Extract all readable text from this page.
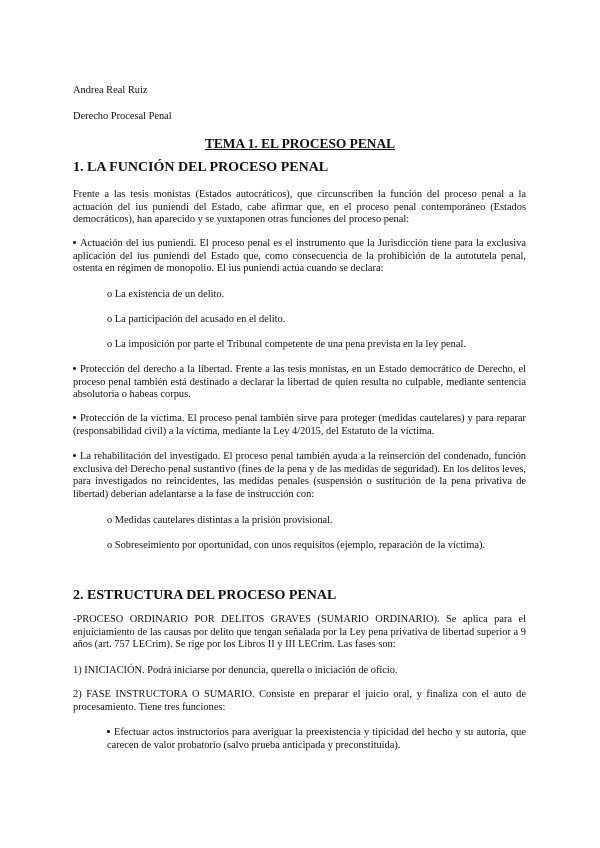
Andrea Real Ruiz
Derecho Procesal Penal
TEMA 1. EL PROCESO PENAL
1. LA FUNCIÓN DEL PROCESO PENAL
Frente a las tesis monistas (Estados autocráticos), que circunscriben la función del proceso penal a la actuación del ius puniendi del Estado, cabe afirmar que, en el proceso penal contemporáneo (Estados democráticos), han aparecido y se yuxtaponen otras funciones del proceso penal:
Actuación del ius puniendi. El proceso penal es el instrumento que la Jurisdicción tiene para la exclusiva aplicación del ius puniendi del Estado que, como consecuencia de la prohibición de la autotutela penal, ostenta en régimen de monopolio. El ius puniendi actúa cuando se declara:
o La existencia de un delito.
o La participación del acusado en el delito.
o La imposición por parte el Tribunal competente de una pena prevista en la ley penal.
Protección del derecho a la libertad. Frente a las tesis monistas, en un Estado democrático de Derecho, el proceso penal también está destinado a declarar la libertad de quien resulta no culpable, mediante sentencia absolutoria o habeas corpus.
Protección de la víctima. El proceso penal también sirve para proteger (medidas cautelares) y para reparar (responsabilidad civil) a la víctima, mediante la Ley 4/2015, del Estatuto de la víctima.
La rehabilitación del investigado. El proceso penal también ayuda a la reinserción del condenado, función exclusiva del Derecho penal sustantivo (fines de la pena y de las medidas de seguridad). En los delitos leves, para investigados no reincidentes, las medidas penales (suspensión o sustitución de la pena privativa de libertad) deberían adelantarse a la fase de instrucción con:
o Medidas cautelares distintas a la prisión provisional.
o Sobreseimiento por oportunidad, con unos requisitos (ejemplo, reparación de la víctima).
2. ESTRUCTURA DEL PROCESO PENAL
-PROCESO ORDINARIO POR DELITOS GRAVES (SUMARIO ORDINARIO). Se aplica para el enjuiciamiento de las causas por delito que tengan señalada por la Ley pena privativa de libertad superior a 9 años (art. 757 LECrim). Se rige por los Libros II y III LECrim. Las fases son:
1) INICIACIÓN. Podrá iniciarse por denuncia, querella o iniciación de oficio.
2) FASE INSTRUCTORA O SUMARIO. Consiste en preparar el juicio oral, y finaliza con el auto de procesamiento. Tiene tres funciones:
Efectuar actos instructorios para averiguar la preexistencia y tipicidad del hecho y su autoría, que carecen de valor probatorio (salvo prueba anticipada y preconstituida).
